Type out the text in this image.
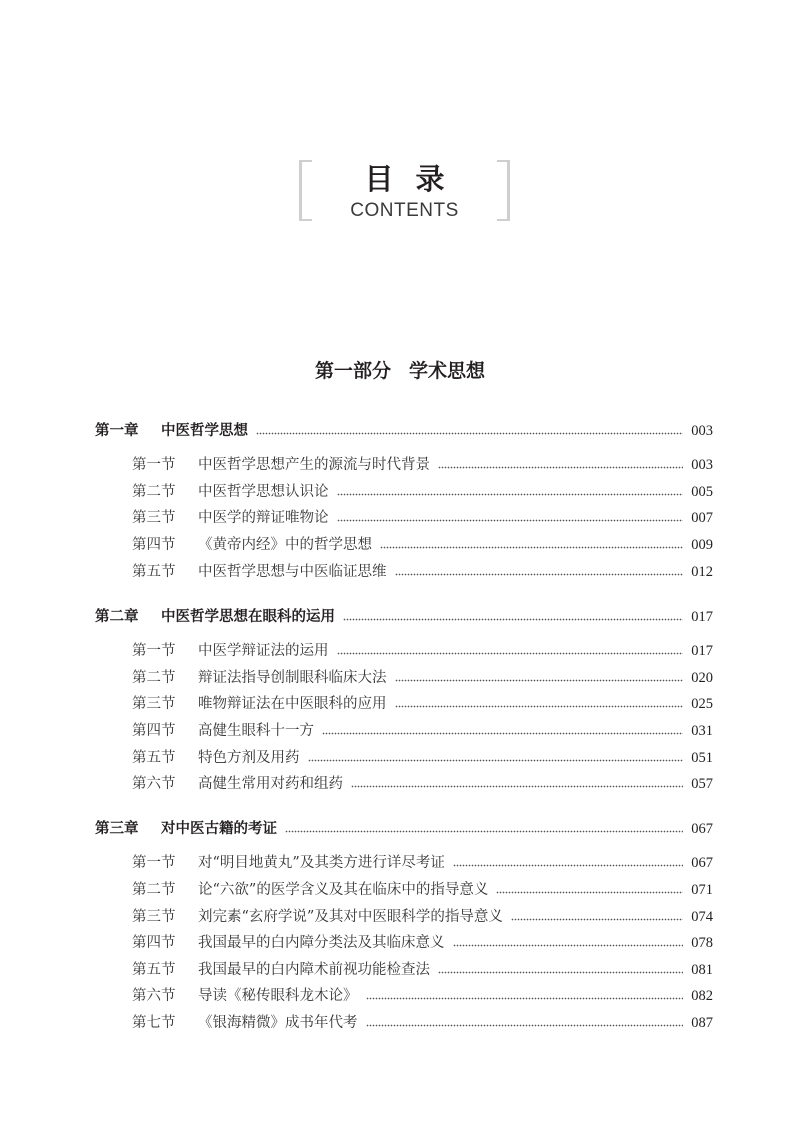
目录
CONTENTS
第一部分 学术思想
第一章 中医哲学思想	003
第一节 中医哲学思想产生的源流与时代背景	003
第二节 中医哲学思想认识论	005
第三节 中医学的辩证唯物论	007
第四节 《黄帝内经》中的哲学思想	009
第五节 中医哲学思想与中医临证思维	012
第二章 中医哲学思想在眼科的运用	017
第一节 中医学辩证法的运用	017
第二节 辩证法指导创制眼科临床大法	020
第三节 唯物辩证法在中医眼科的应用	025
第四节 高健生眼科十一方	031
第五节 特色方剂及用药	051
第六节 高健生常用对药和组药	057
第三章 对中医古籍的考证	067
第一节 对“明目地黄丸”及其类方进行详尽考证	067
第二节 论“六欲”的医学含义及其在临床中的指导意义	071
第三节 刘完素“玄府学说”及其对中医眼科学的指导意义	074
第四节 我国最早的白内障分类法及其临床意义	078
第五节 我国最早的白内障术前视功能检查法	081
第六节 导读《秘传眼科龙木论》	082
第七节 《银海精微》成书年代考	087
